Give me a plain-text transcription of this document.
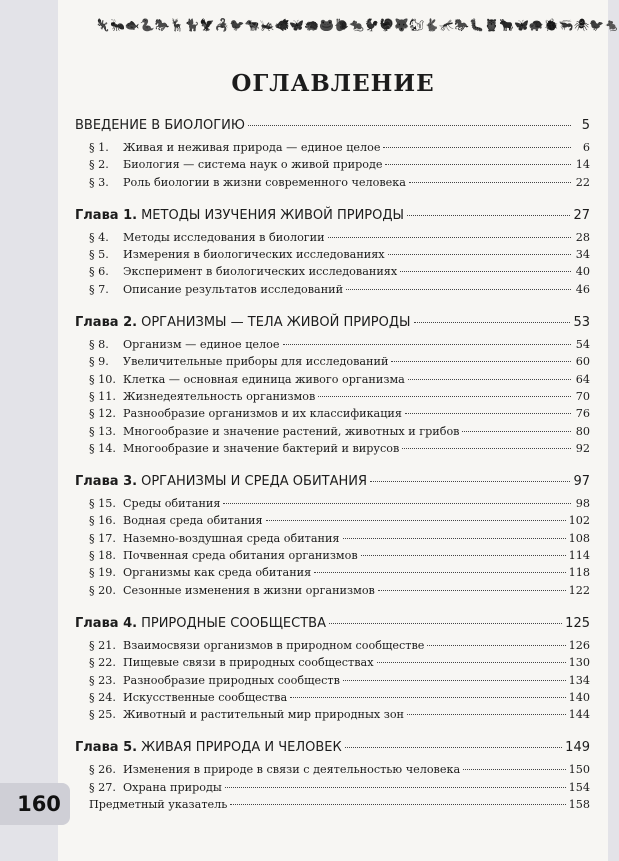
🦎 🐜 🐟 🐍 🐎 🦌 🐈 🦅 🦂 🐦 🐄 🦗 🐗 🦋 🦔 🐸 🐌 🐀 🐓 🦃 🐺 🐿 🐇 🦟 🐎 🐛 🦉 🐂 🦋 🐢 🐞 🦐 🕷 🐦 🐁
ОГЛАВЛЕНИЕ
ВВЕДЕНИЕ В БИОЛОГИЮ	5
§ 1.	Живая и неживая природа — единое целое	6
§ 2.	Биология — система наук о живой природе	14
§ 3.	Роль биологии в жизни современного человека	22
Глава 1. МЕТОДЫ ИЗУЧЕНИЯ ЖИВОЙ ПРИРОДЫ	27
§ 4.	Методы исследования в биологии	28
§ 5.	Измерения в биологических исследованиях	34
§ 6.	Эксперимент в биологических исследованиях	40
§ 7.	Описание результатов исследований	46
Глава 2. ОРГАНИЗМЫ — ТЕЛА ЖИВОЙ ПРИРОДЫ	53
§ 8.	Организм — единое целое	54
§ 9.	Увеличительные приборы для исследований	60
§ 10. Клетка — основная единица живого организма	64
§ 11. Жизнедеятельность организмов	70
§ 12. Разнообразие организмов и их классификация	76
§ 13. Многообразие и значение растений, животных и грибов	80
§ 14. Многообразие и значение бактерий и вирусов	92
Глава 3. ОРГАНИЗМЫ И СРЕДА ОБИТАНИЯ	97
§ 15. Среды обитания	98
§ 16. Водная среда обитания	102
§ 17. Наземно-воздушная среда обитания	108
§ 18. Почвенная среда обитания организмов	114
§ 19. Организмы как среда обитания	118
§ 20. Сезонные изменения в жизни организмов	122
Глава 4. ПРИРОДНЫЕ СООБЩЕСТВА	125
§ 21. Взаимосвязи организмов в природном сообществе	126
§ 22. Пищевые связи в природных сообществах	130
§ 23. Разнообразие природных сообществ	134
§ 24. Искусственные сообщества	140
§ 25. Животный и растительный мир природных зон	144
Глава 5. ЖИВАЯ ПРИРОДА И ЧЕЛОВЕК	149
§ 26. Изменения в природе в связи с деятельностью человека	150
§ 27. Охрана природы	154
Предметный указатель	158
160
